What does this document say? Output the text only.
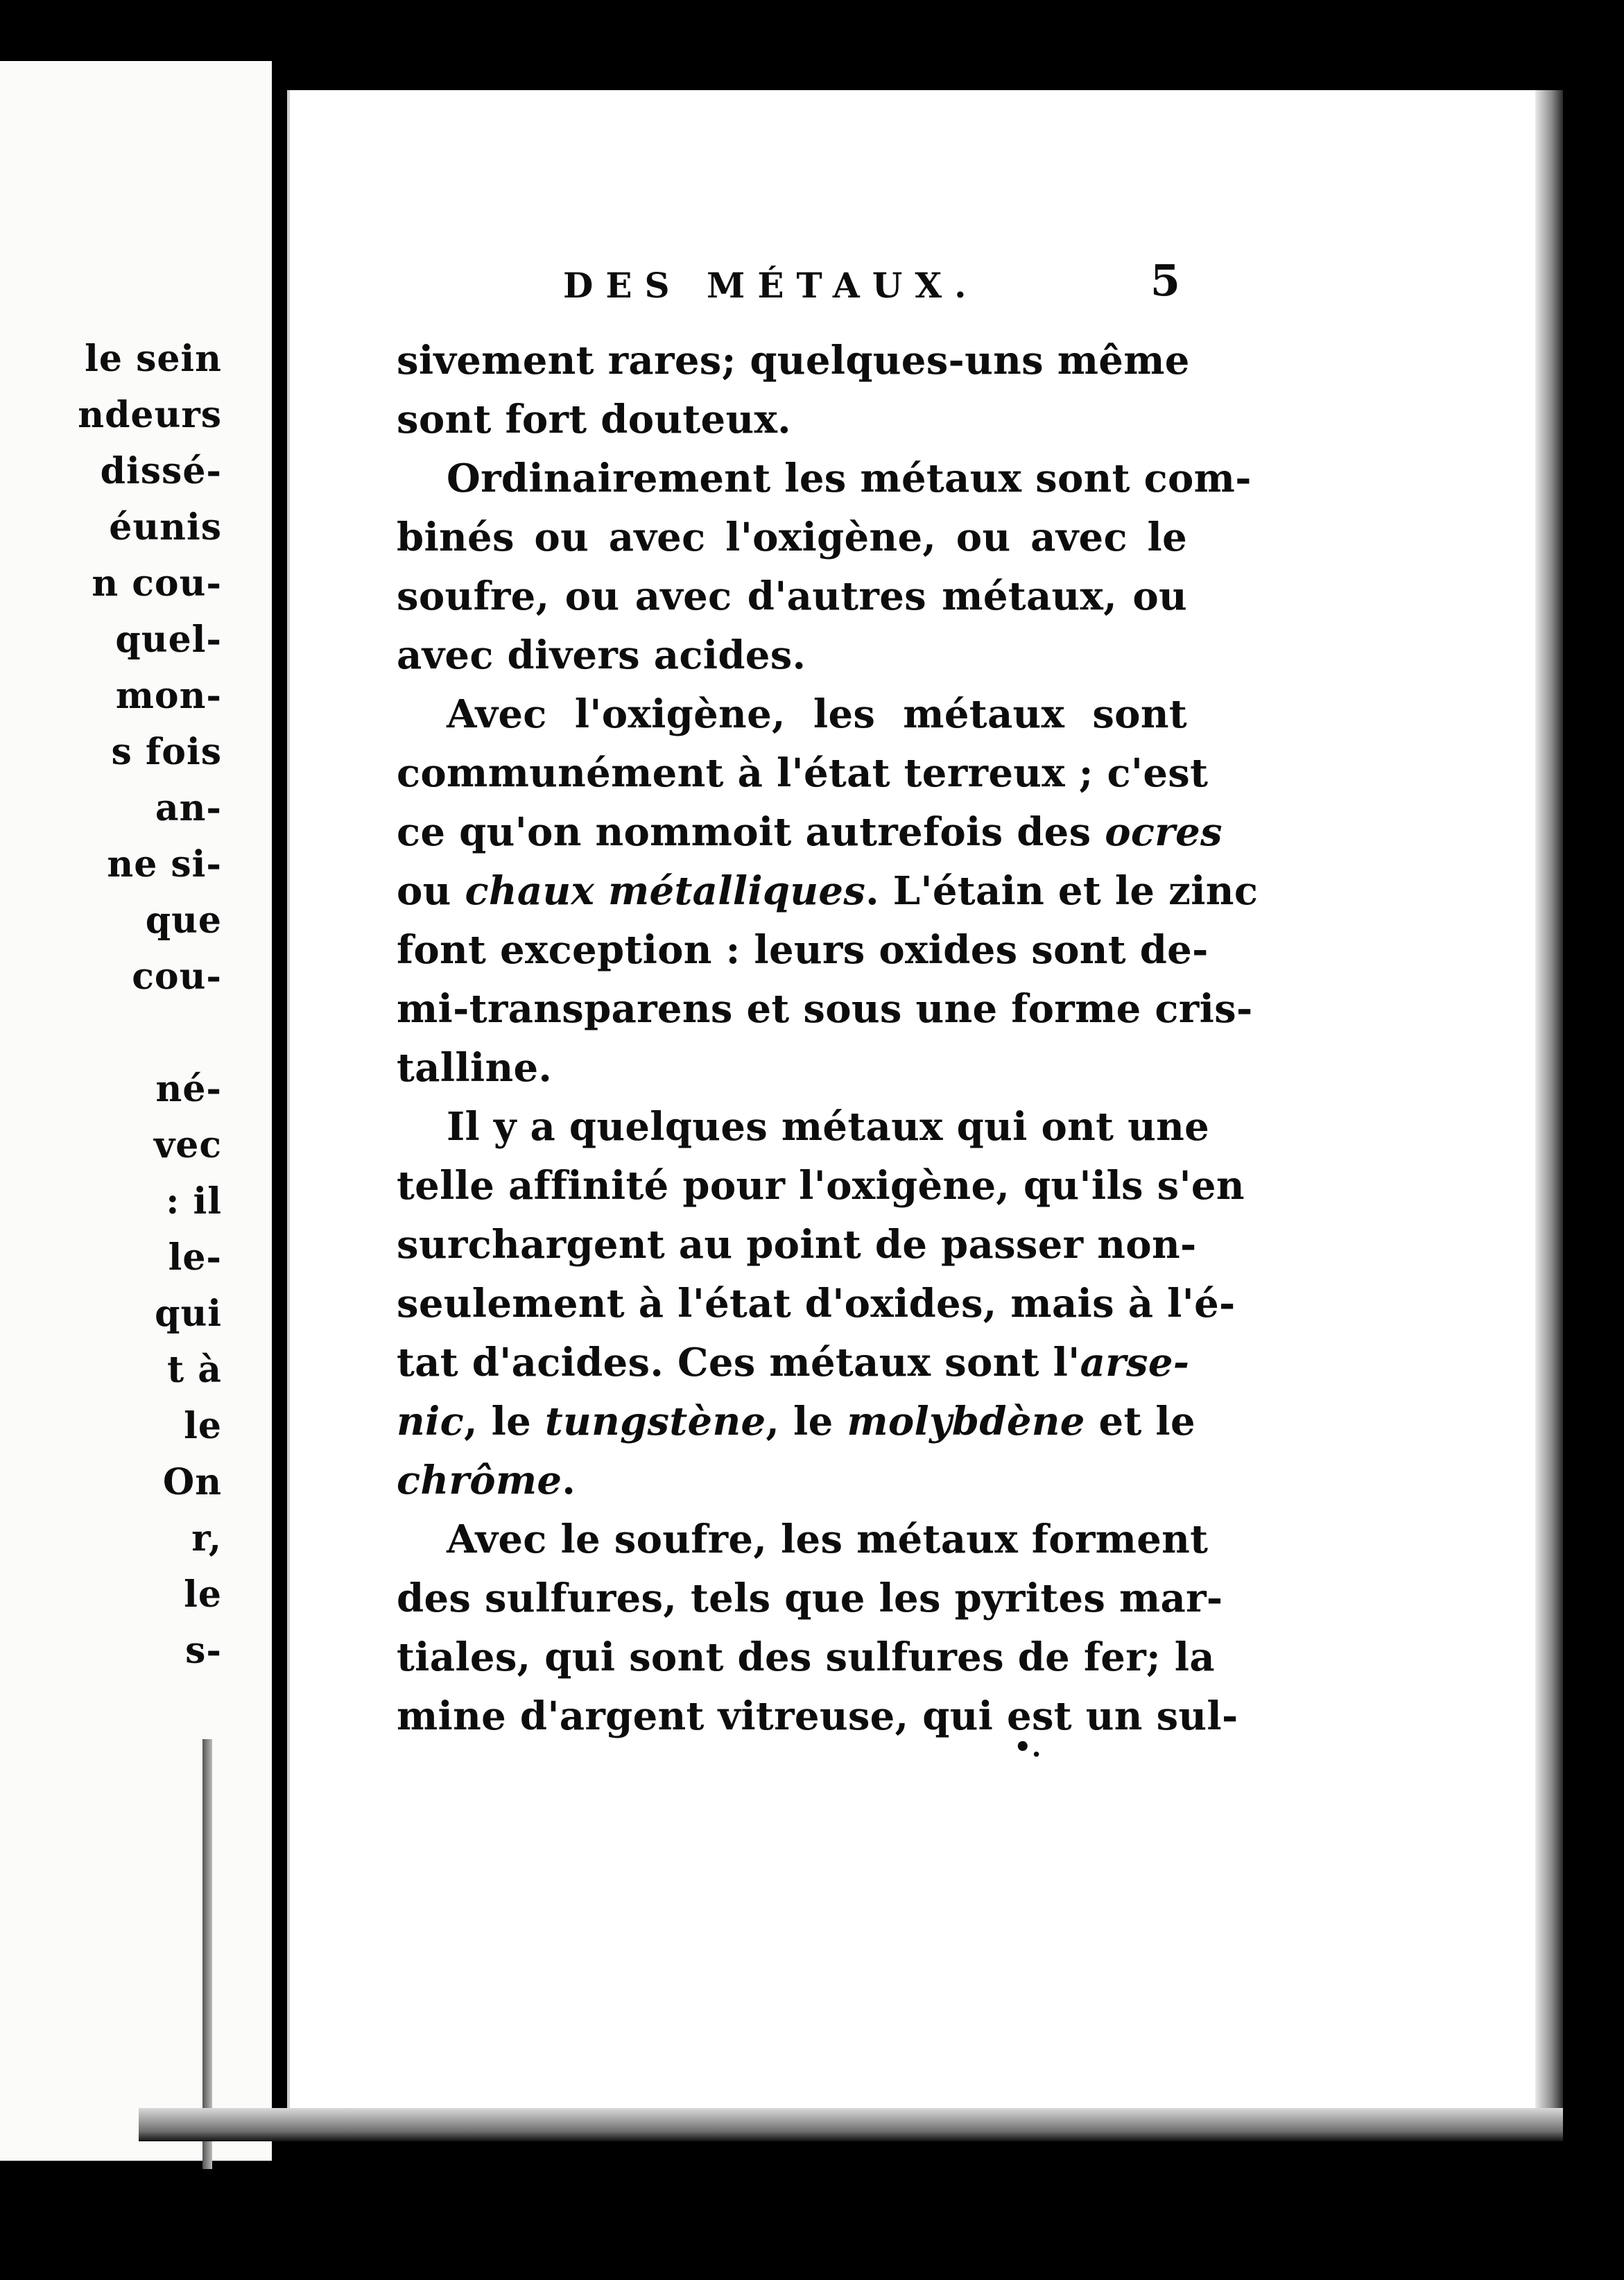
le sein
ndeurs
dissé-
éunis
n cou-
quel-
mon-
s fois
an-
ne si-
que
cou-
né-
vec
: il
le-
qui
t à
le
On
r,
le
s-
DES MÉTAUX.	5
sivement rares; quelques-uns même
sont fort douteux.
Ordinairement les métaux sont com-
binés ou avec l'oxigène, ou avec le
soufre, ou avec d'autres métaux, ou
avec divers acides.
Avec l'oxigène, les métaux sont
communément à l'état terreux ; c'est
ce qu'on nommoit autrefois des ocres
ou chaux métalliques. L'étain et le zinc
font exception : leurs oxides sont de-
mi-transparens et sous une forme cris-
talline.
Il y a quelques métaux qui ont une
telle affinité pour l'oxigène, qu'ils s'en
surchargent au point de passer non-
seulement à l'état d'oxides, mais à l'é-
tat d'acides. Ces métaux sont l'arse-
nic, le tungstène, le molybdène et le
chrôme.
Avec le soufre, les métaux forment
des sulfures, tels que les pyrites mar-
tiales, qui sont des sulfures de fer; la
mine d'argent vitreuse, qui est un sul-
•.
